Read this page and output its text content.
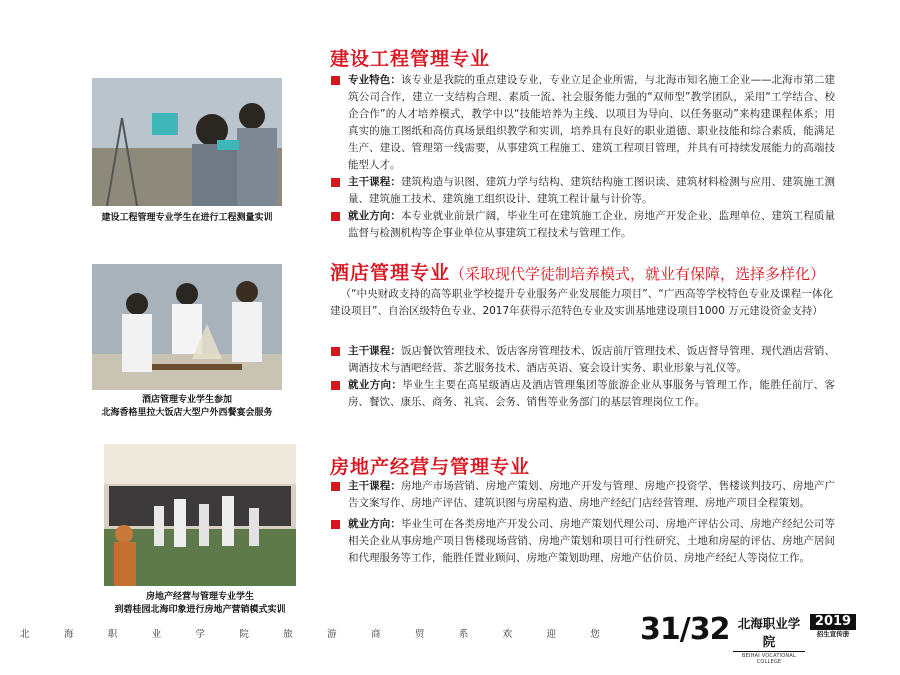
建设工程管理专业学生在进行工程测量实训
建设工程管理专业
专业特色：该专业是我院的重点建设专业，专业立足企业所需，与北海市知名施工企业——北海市第二建筑公司合作，建立一支结构合理、素质一流、社会服务能力强的“双师型”教学团队，采用“工学结合、校企合作”的人才培养模式，教学中以“技能培养为主线、以项目为导向、以任务驱动”来构建课程体系；用真实的施工图纸和高仿真场景组织教学和实训，培养具有良好的职业道德、职业技能和综合素质，能满足生产、建设、管理第一线需要，从事建筑工程施工、建筑工程项目管理，并具有可持续发展能力的高端技能型人才。
主干课程：建筑构造与识图、建筑力学与结构、建筑结构施工图识读、建筑材料检测与应用、建筑施工测量、建筑施工技术、建筑施工组织设计、建筑工程计量与计价等。
就业方向：本专业就业前景广阔，毕业生可在建筑施工企业、房地产开发企业、监理单位、建筑工程质量监督与检测机构等企事业单位从事建筑工程技术与管理工作。
酒店管理专业学生参加
北海香格里拉大饭店大型户外西餐宴会服务
酒店管理专业（采取现代学徒制培养模式，就业有保障，选择多样化）
（“中央财政支持的高等职业学校提升专业服务产业发展能力项目”、“广西高等学校特色专业及课程一体化建设项目”、自治区级特色专业、2017年获得示范特色专业及实训基地建设项目1000 万元建设资金支持）
主干课程：饭店餐饮管理技术、饭店客房管理技术、饭店前厅管理技术、饭店督导管理、现代酒店营销、调酒技术与酒吧经营、茶艺服务技术、酒店英语、宴会设计实务、职业形象与礼仪等。
就业方向：毕业生主要在高星级酒店及酒店管理集团等旅游企业从事服务与管理工作，能胜任前厅、客房、餐饮、康乐、商务、礼宾、会务、销售等业务部门的基层管理岗位工作。
房地产经营与管理专业学生
到碧桂园北海印象进行房地产营销模式实训
房地产经营与管理专业
主干课程：房地产市场营销、房地产策划、房地产开发与管理、房地产投资学、售楼谈判技巧、房地产广告文案写作、房地产评估、建筑识图与房屋构造、房地产经纪门店经营管理、房地产项目全程策划。
就业方向：毕业生可在各类房地产开发公司、房地产策划代理公司、房地产评估公司、房地产经纪公司等相关企业从事房地产项目售楼现场营销、房地产策划和项目可行性研究、土地和房屋的评估、房地产居间和代理服务等工作，能胜任置业顾问、房地产策划助理、房地产估价员、房地产经纪人等岗位工作。
北	海	职	业	学	院	旅	游	商	贸	系	欢	迎	您 31/32 北海职业学院
BEIHAI VOCATIONAL COLLEGE
2019
招生宣传册
